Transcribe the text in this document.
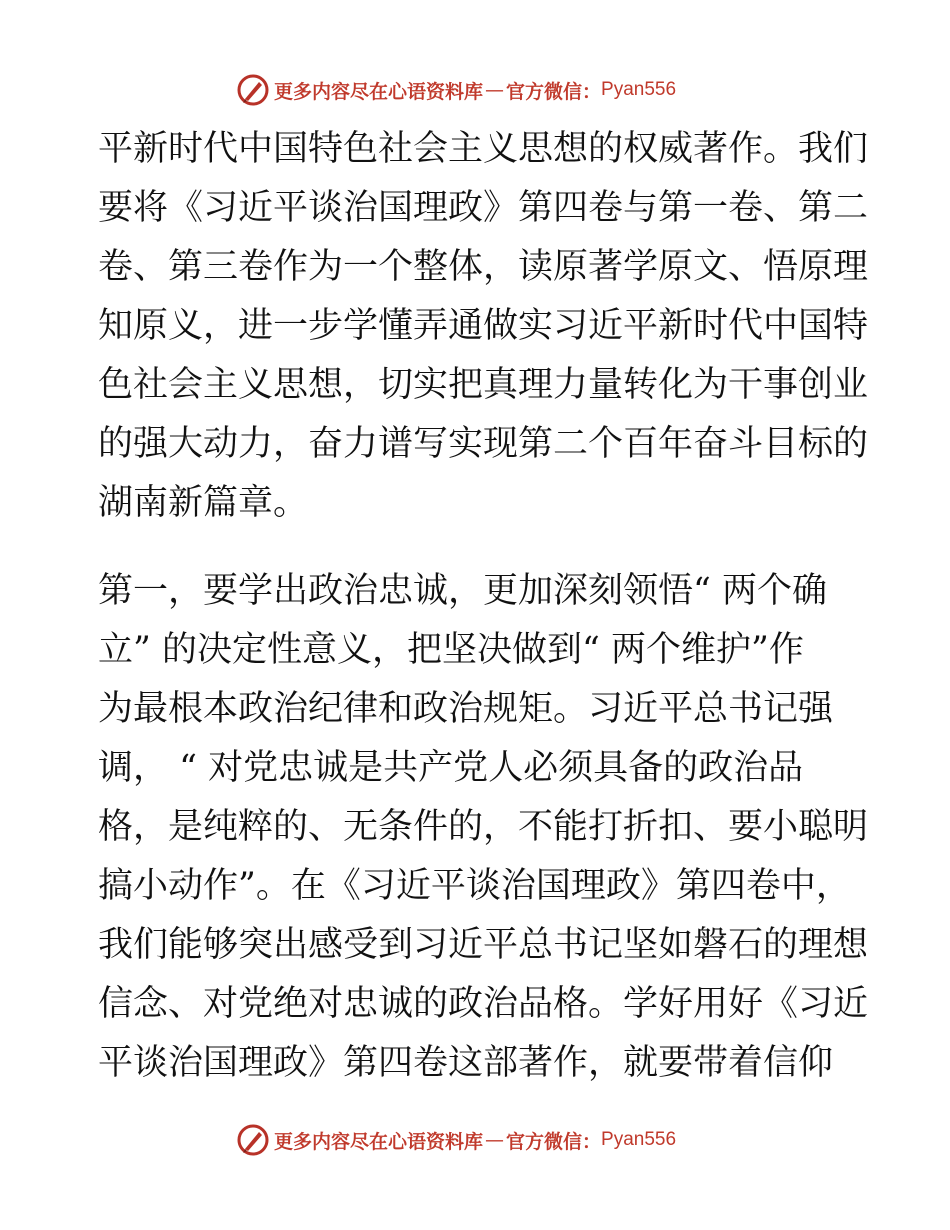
更多内容尽在心语资料库 — 官方微信： Pyan556
平新时代中国特色社会主义思想的权威著作。我们
要将《习近平谈治国理政》第四卷与第一卷、第二
卷、第三卷作为一个整体，读原著学原文、悟原理
知原义，进一步学懂弄通做实习近平新时代中国特
色社会主义思想，切实把真理力量转化为干事创业
的强大动力，奋力谱写实现第二个百年奋斗目标的
湖南新篇章。
第一，要学出政治忠诚，更加深刻领悟“ 两个确
立” 的决定性意义，把坚决做到“ 两个维护”作
为最根本政治纪律和政治规矩。习近平总书记强
调， “ 对党忠诚是共产党人必须具备的政治品
格，是纯粹的、无条件的，不能打折扣、要小聪明
搞小动作”。在《习近平谈治国理政》第四卷中，
我们能够突出感受到习近平总书记坚如磐石的理想
信念、对党绝对忠诚的政治品格。学好用好《习近
平谈治国理政》第四卷这部著作，就要带着信仰
更多内容尽在心语资料库 — 官方微信： Pyan556
